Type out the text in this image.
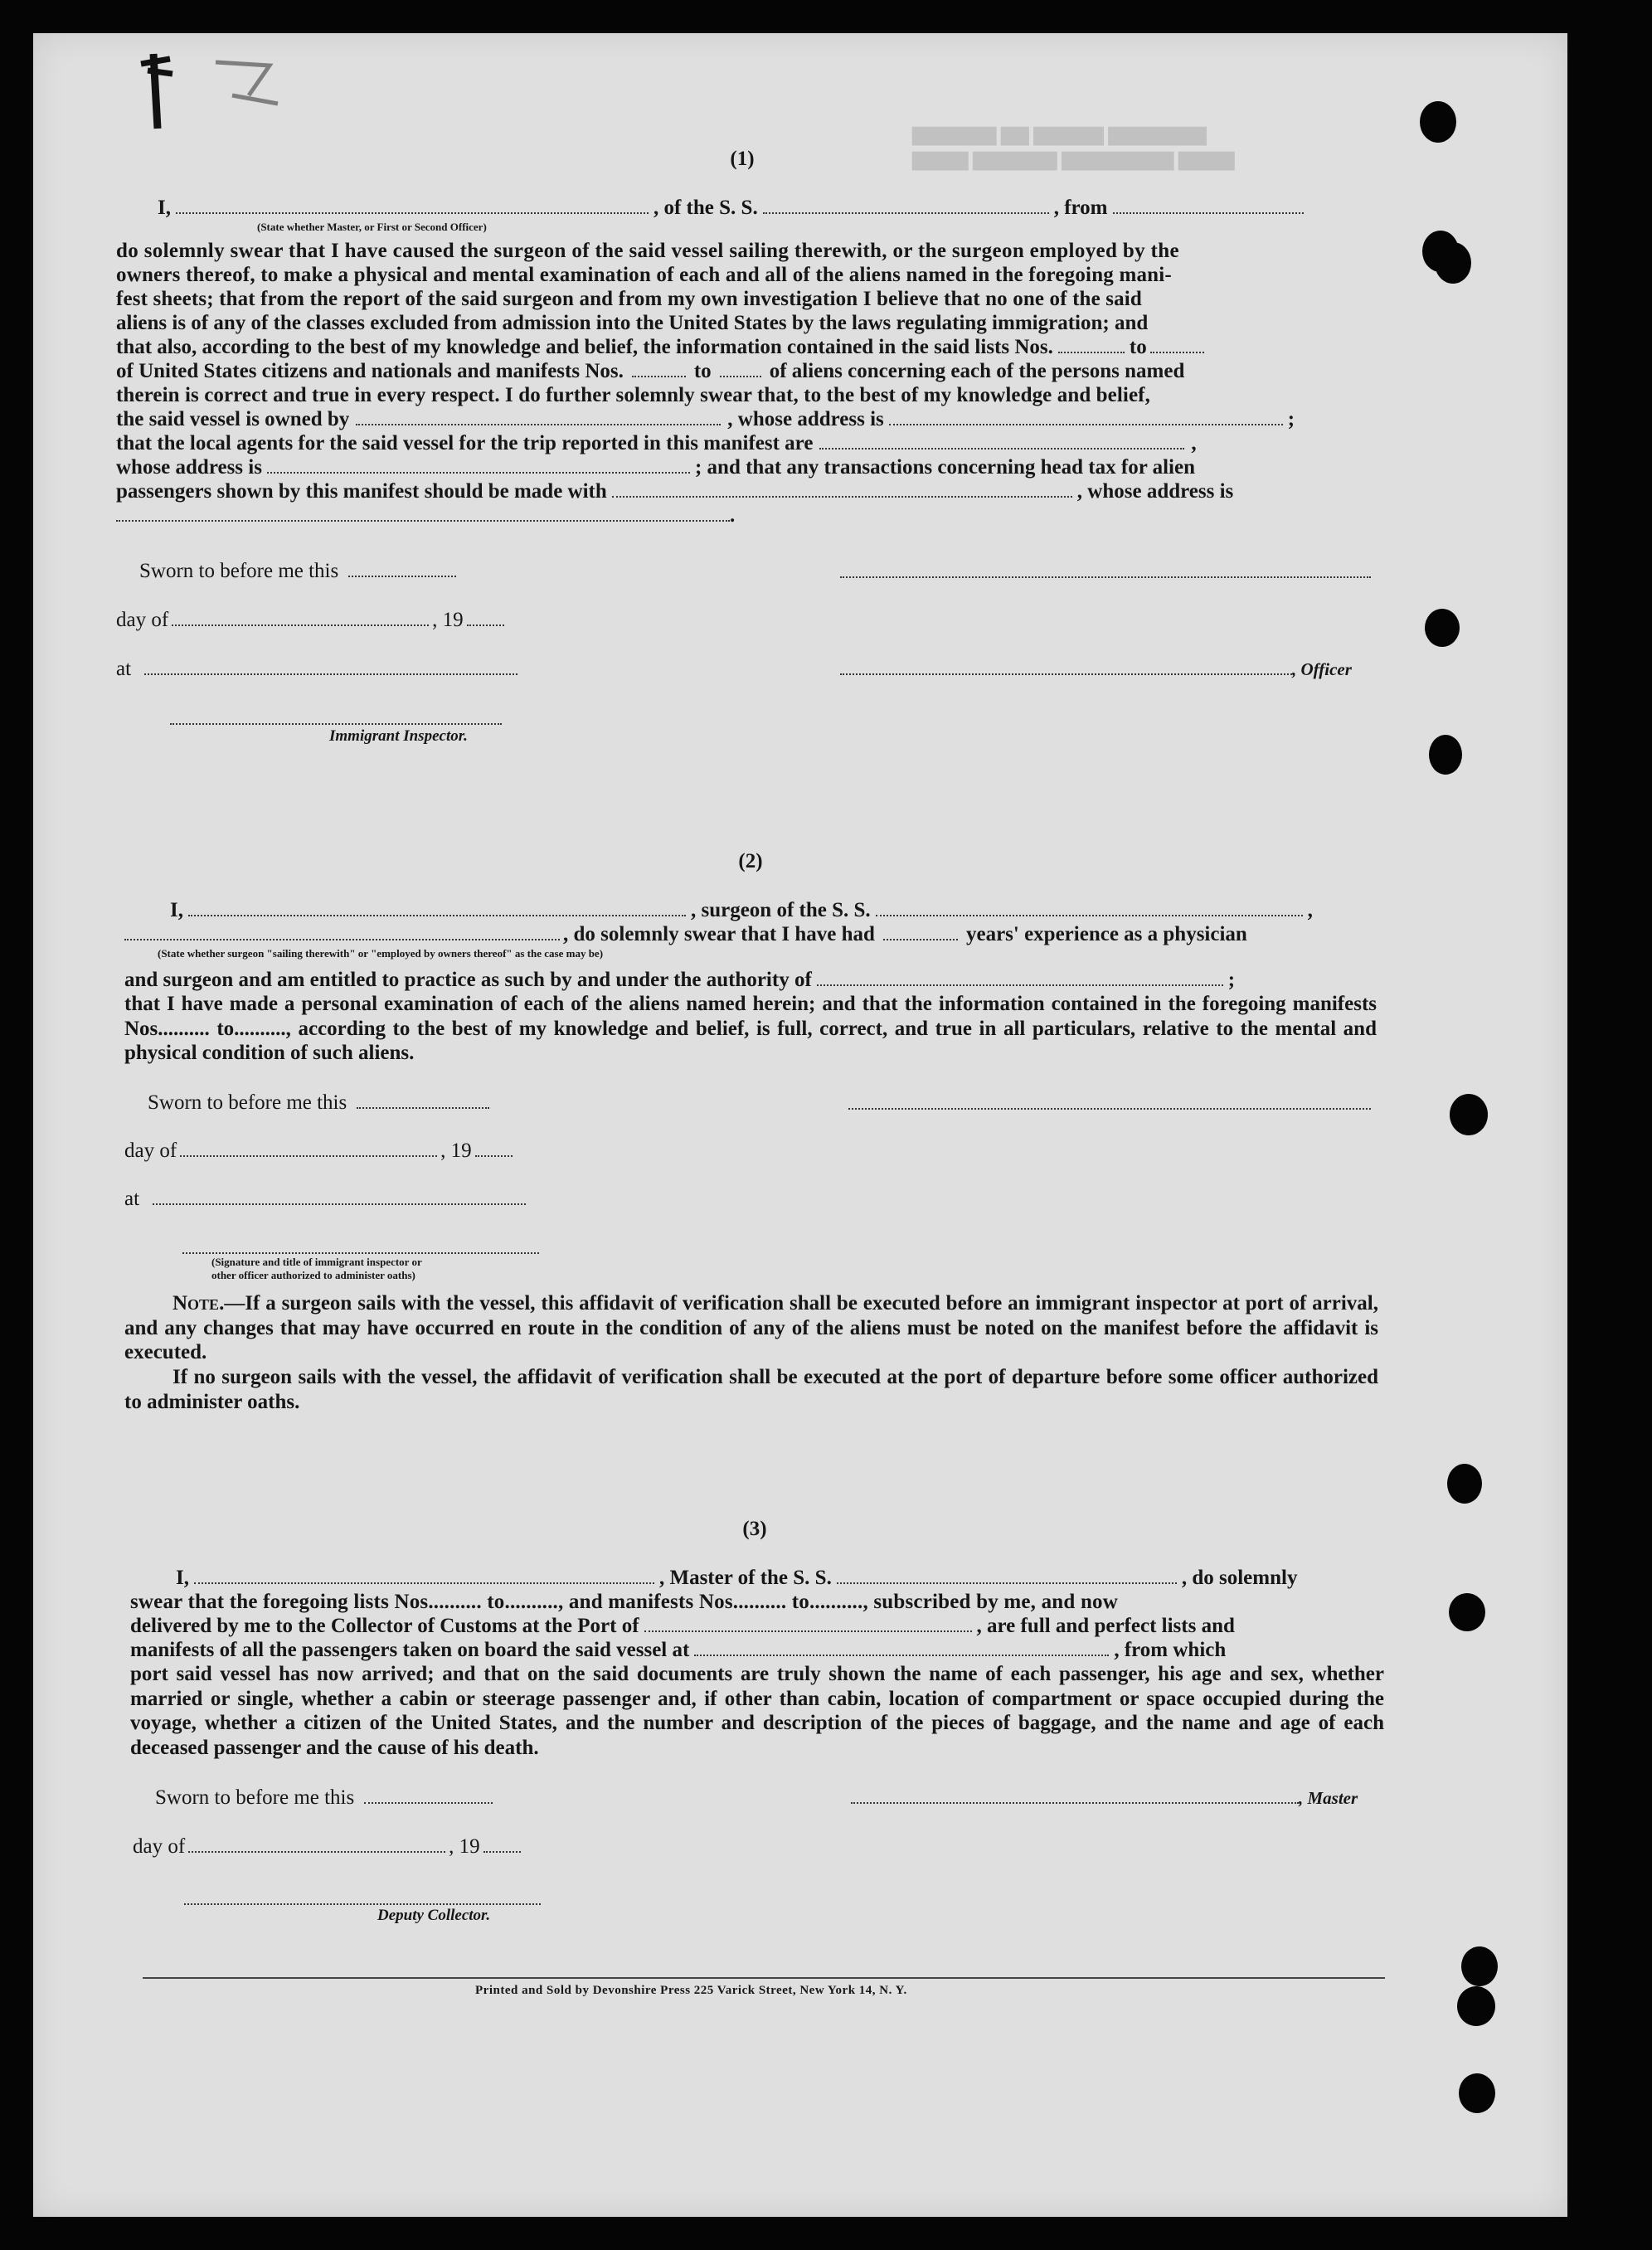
▇▇▇▇▇▇ ▇▇ ▇▇▇▇▇ ▇▇▇▇▇▇▇
▇▇▇▇ ▇▇▇▇▇▇ ▇▇▇▇▇▇▇▇ ▇▇▇▇
(1)
I,	, of the S. S.	, from
(State whether Master, or First or Second Officer)
do solemnly swear that I have caused the surgeon of the said vessel sailing therewith, or the surgeon employed by the
owners thereof, to make a physical and mental examination of each and all of the aliens named in the foregoing mani-
fest sheets; that from the report of the said surgeon and from my own investigation I believe that no one of the said
aliens is of any of the classes excluded from admission into the United States by the laws regulating immigration; and
that also, according to the best of my knowledge and belief, the information contained in the said lists Nos.	to
of United States citizens and nationals and manifests Nos.	to	of aliens concerning each of the persons named
therein is correct and true in every respect. I do further solemnly swear that, to the best of my knowledge and belief,
the said vessel is owned by	, whose address is	;
that the local agents for the said vessel for the trip reported in this manifest are	,
whose address is	; and that any transactions concerning head tax for alien
passengers shown by this manifest should be made with	, whose address is
.
Sworn to before me this
day of	, 19
at	, Officer
Immigrant Inspector.
(2)
I,	, surgeon of the S. S.	,
, do solemnly swear that I have had	years' experience as a physician
(State whether surgeon "sailing therewith" or "employed by owners thereof" as the case may be)
and surgeon and am entitled to practice as such by and under the authority of	;
that I have made a personal examination of each of the aliens named herein; and that the information contained in the foregoing manifests Nos.......... to.........., according to the best of my knowledge and belief, is full, correct, and true in all particulars, relative to the mental and physical condition of such aliens.
Sworn to before me this
day of	, 19
at
(Signature and title of immigrant inspector or
other officer authorized to administer oaths)
Note.—If a surgeon sails with the vessel, this affidavit of verification shall be executed before an immigrant inspector at port of arrival, and any changes that may have occurred en route in the condition of any of the aliens must be noted on the manifest before the affidavit is executed.
If no surgeon sails with the vessel, the affidavit of verification shall be executed at the port of departure before some officer authorized to administer oaths.
(3)
I,	, Master of the S. S.	, do solemnly
swear that the foregoing lists Nos.......... to.........., and manifests Nos.......... to.........., subscribed by me, and now
delivered by me to the Collector of Customs at the Port of	, are full and perfect lists and
manifests of all the passengers taken on board the said vessel at	, from which
port said vessel has now arrived; and that on the said documents are truly shown the name of each passenger, his age and sex, whether married or single, whether a cabin or steerage passenger and, if other than cabin, location of compartment or space occupied during the voyage, whether a citizen of the United States, and the number and description of the pieces of baggage, and the name and age of each deceased passenger and the cause of his death.
Sworn to before me this	, Master
day of	, 19
Deputy Collector.
Printed and Sold by Devonshire Press 225 Varick Street, New York 14, N. Y.
